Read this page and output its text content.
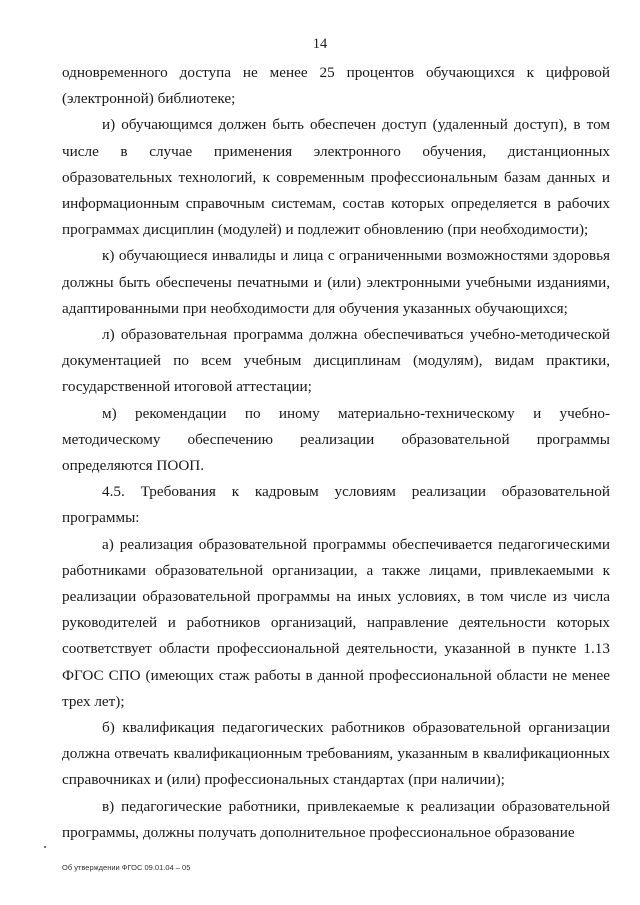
14

одновременного доступа не менее 25 процентов обучающихся к цифровой (электронной) библиотеке;

и) обучающимся должен быть обеспечен доступ (удаленный доступ), в том числе в случае применения электронного обучения, дистанционных образовательных технологий, к современным профессиональным базам данных и информационным справочным системам, состав которых определяется в рабочих программах дисциплин (модулей) и подлежит обновлению (при необходимости);

к) обучающиеся инвалиды и лица с ограниченными возможностями здоровья должны быть обеспечены печатными и (или) электронными учебными изданиями, адаптированными при необходимости для обучения указанных обучающихся;

л) образовательная программа должна обеспечиваться учебно-методической документацией по всем учебным дисциплинам (модулям), видам практики, государственной итоговой аттестации;

м) рекомендации по иному материально-техническому и учебно-методическому обеспечению реализации образовательной программы определяются ПООП.

4.5. Требования к кадровым условиям реализации образовательной программы:

а) реализация образовательной программы обеспечивается педагогическими работниками образовательной организации, а также лицами, привлекаемыми к реализации образовательной программы на иных условиях, в том числе из числа руководителей и работников организаций, направление деятельности которых соответствует области профессиональной деятельности, указанной в пункте 1.13 ФГОС СПО (имеющих стаж работы в данной профессиональной области не менее трех лет);

б) квалификация педагогических работников образовательной организации должна отвечать квалификационным требованиям, указанным в квалификационных справочниках и (или) профессиональных стандартах (при наличии);

в) педагогические работники, привлекаемые к реализации образовательной программы, должны получать дополнительное профессиональное образование

Об утверждении ФГОС 09.01.04 – 05
